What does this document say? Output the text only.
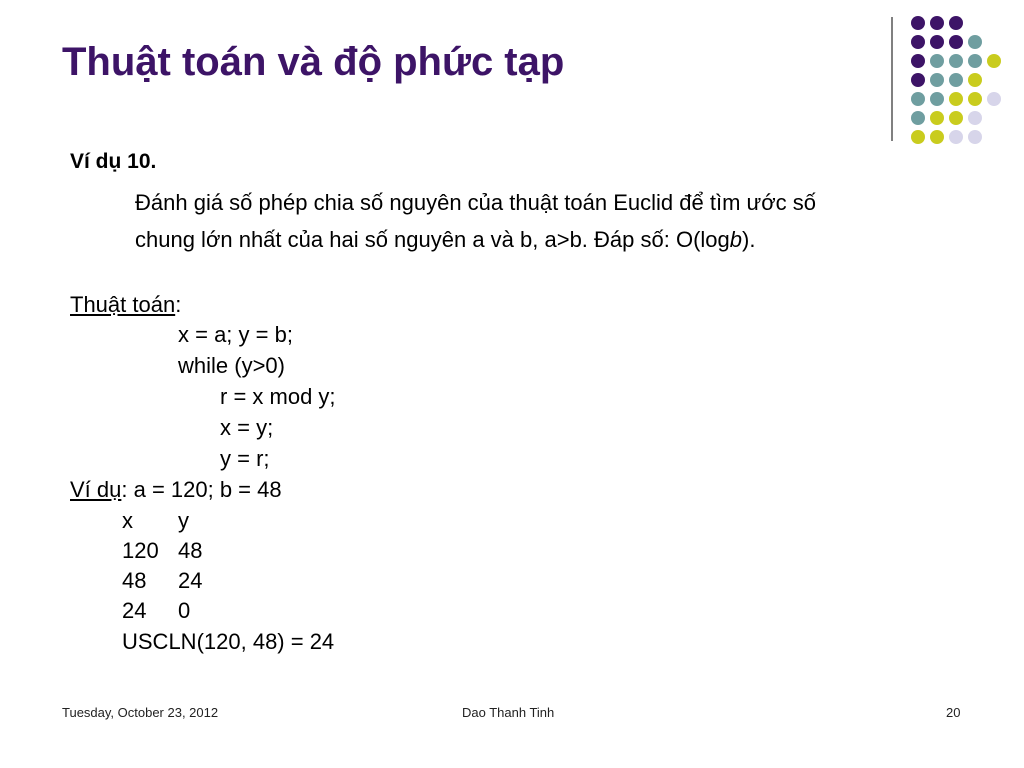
Thuật toán và độ phức tạp
Ví dụ 10.
Đánh giá số phép chia số nguyên của thuật toán Euclid để tìm ước số
chung lớn nhất của hai số nguyên a và b, a>b. Đáp số: O(logb).
Thuật toán:
x = a; y = b;
while (y>0)
r = x mod y;
x = y;
y = r;
Ví dụ: a = 120; b = 48
x y
120 48
48 24
24 0
USCLN(120, 48) = 24
Tuesday, October 23, 2012	Dao Thanh Tinh	20
